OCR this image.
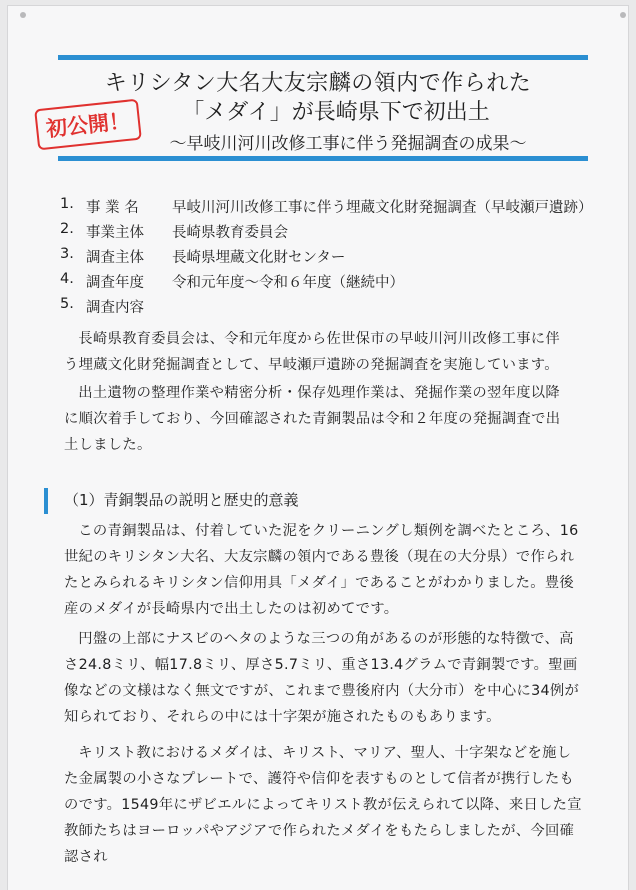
キリシタン大名大友宗麟の領内で作られた
「メダイ」が長崎県下で初出土
初公開！
～早岐川河川改修工事に伴う発掘調査の成果～
1. 事 業 名 早岐川河川改修工事に伴う埋蔵文化財発掘調査（早岐瀬戸遺跡）
2. 事業主体 長崎県教育委員会
3. 調査主体 長崎県埋蔵文化財センター
4. 調査年度 令和元年度～令和６年度（継続中）
5. 調査内容

長崎県教育委員会は、令和元年度から佐世保市の早岐川河川改修工事に伴う埋蔵文化財発掘調査として、早岐瀬戸遺跡の発掘調査を実施しています。

出土遺物の整理作業や精密分析・保存処理作業は、発掘作業の翌年度以降に順次着手しており、今回確認された青銅製品は令和２年度の発掘調査で出土しました。

（1）青銅製品の説明と歴史的意義

この青銅製品は、付着していた泥をクリーニングし類例を調べたところ、16世紀のキリシタン大名、大友宗麟の領内である豊後（現在の大分県）で作られたとみられるキリシタン信仰用具「メダイ」であることがわかりました。豊後産のメダイが長崎県内で出土したのは初めてです。

円盤の上部にナスビのヘタのような三つの角があるのが形態的な特徴で、高さ24.8ミリ、幅17.8ミリ、厚さ5.7ミリ、重さ13.4グラムで青銅製です。聖画像などの文様はなく無文ですが、これまで豊後府内（大分市）を中心に34例が知られており、それらの中には十字架が施されたものもあります。

キリスト教におけるメダイは、キリスト、マリア、聖人、十字架などを施した金属製の小さなプレートで、護符や信仰を表すものとして信者が携行したものです。1549年にザビエルによってキリスト教が伝えられて以降、来日した宣教師たちはヨーロッパやアジアで作られたメダイをもたらしましたが、今回確認され
